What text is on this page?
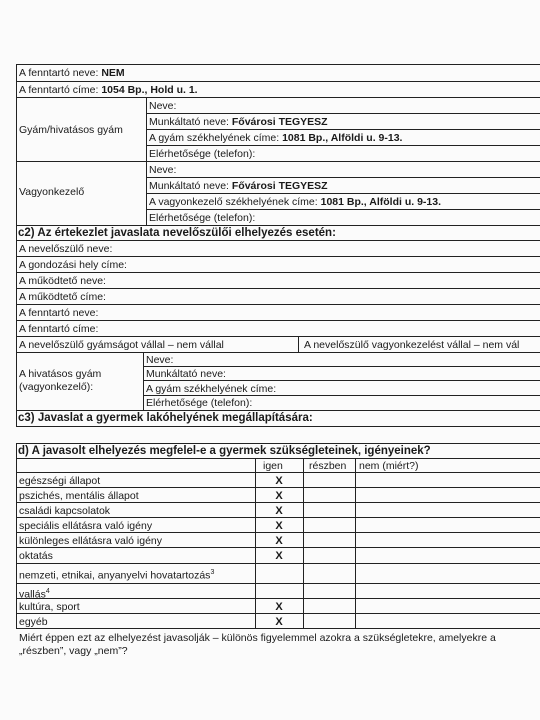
A fenntartó neve: NEM
A fenntartó címe: 1054 Bp., Hold u. 1.
Gyám/hivatásos gyám
Neve:
Munkáltató neve: Fővárosi TEGYESZ
A gyám székhelyének címe: 1081 Bp., Alföldi u. 9-13.
Elérhetősége (telefon):
Vagyonkezelő
Neve:
Munkáltató neve: Fővárosi TEGYESZ
A vagyonkezelő székhelyének címe: 1081 Bp., Alföldi u. 9-13.
Elérhetősége (telefon):
c2) Az értekezlet javaslata nevelőszülői elhelyezés esetén:
A nevelőszülő neve:
A gondozási hely címe:
A működtető neve:
A működtető címe:
A fenntartó neve:
A fenntartó címe:
A nevelőszülő gyámságot vállal – nem vállal	A nevelőszülő vagyonkezelést vállal – nem vál
A hivatásos gyám
(vagyonkezelő):
Neve:
Munkáltató neve:
A gyám székhelyének címe:
Elérhetősége (telefon):
c3) Javaslat a gyermek lakóhelyének megállapítására:
d) A javasolt elhelyezés megfelel-e a gyermek szükségleteinek, igényeinek?
igen részben nem (miért?)
egészségi állapot	X
pszichés, mentális állapot	X
családi kapcsolatok	X
speciális ellátásra való igény	X
különleges ellátásra való igény	X
oktatás	X
nemzeti, etnikai, anyanyelvi hovatartozás$^3$
vallás$^4$
kultúra, sport	X
egyéb	X
Miért éppen ezt az elhelyezést javasolják – különös figyelemmel azokra a szükségletekre, amelyekre a
„részben”, vagy „nem”?
